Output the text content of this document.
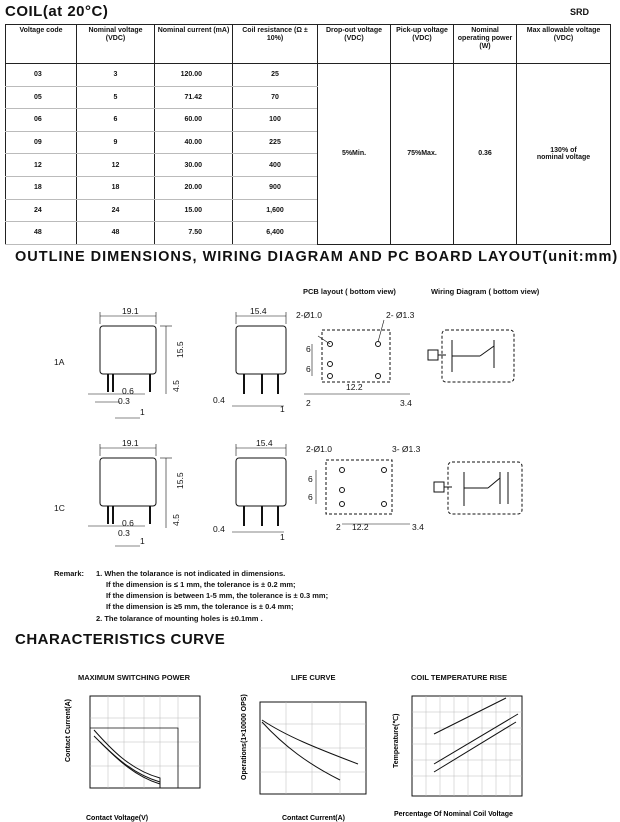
COIL(at 20°C)	SRD
Voltage code	Nominal voltage (VDC)	Nominal current (mA)	Coil resistance (Ω ± 10%)	Drop-out voltage (VDC)	Pick-up voltage (VDC)	Nominal operating power (W)	Max allowable voltage (VDC)
03	3	120.00	25	5%Min.	75%Max.	0.36	130% of
nominal voltage

05	5	71.42	70				
06	6	60.00	100				
09	9	40.00	225				
12	12	30.00	400				
18	18	20.00	900				
24	24	15.00	1,600				
48	48	7.50	6,400				
OUTLINE DIMENSIONS, WIRING DIAGRAM AND PC BOARD LAYOUT(unit:mm)
PCB layout ( bottom view)	Wiring Diagram ( bottom view)
1A
1C
19.1	15.4
15.5
4.5
0.6
0.3
1
0.4
1
2-Ø1.0	2- Ø1.3
6
6
12.2
2	3.4
19.1	15.4
15.5
4.5
0.6
0.3
1
0.4
1
2-Ø1.0	3- Ø1.3
6
6
12.2
2	3.4
Remark: 1. When the tolarance is not indicated in dimensions.
If the dimension is ≤ 1 mm, the tolerance is ± 0.2 mm;
If the dimension is between 1-5 mm, the tolerance is ± 0.3 mm;
If the dimension is ≥5 mm, the tolerance is ± 0.4 mm;
2. The tolarance of mounting holes is ±0.1mm .
CHARACTERISTICS CURVE
MAXIMUM SWITCHING POWER	LIFE CURVE	COIL TEMPERATURE RISE
Contact Current(A)
Contact Voltage(V)
Operations(1×10000 OPS)
Contact Current(A)
Temperature(℃)
Percentage Of Nominal Coil Voltage
